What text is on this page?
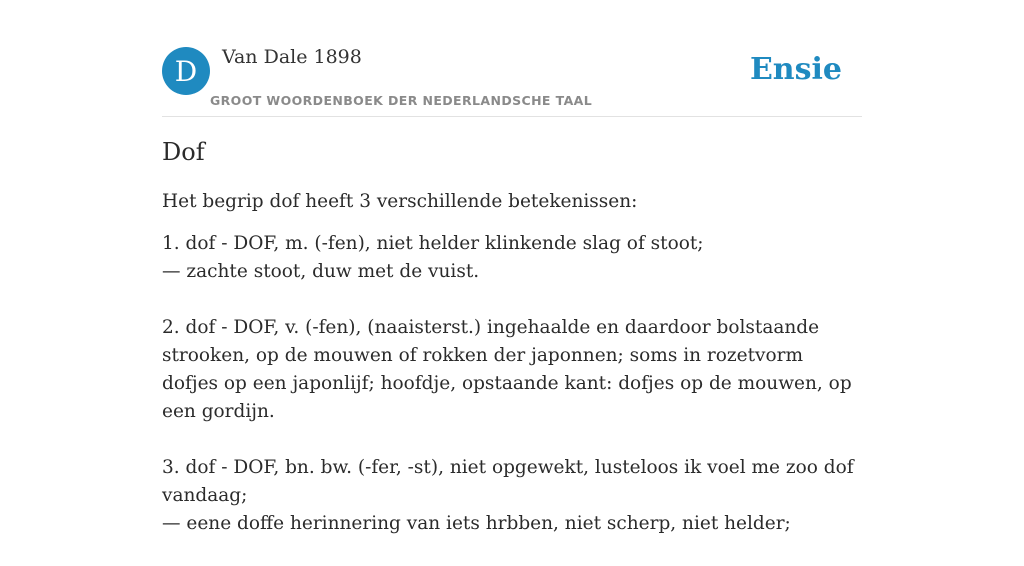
D Van Dale 1898
GROOT WOORDENBOEK DER NEDERLANDSCHE TAAL
Ensie
Dof

Het begrip dof heeft 3 verschillende betekenissen:

1. dof - DOF, m. (-fen), niet helder klinkende slag of stoot;
— zachte stoot, duw met de vuist.
2. dof - DOF, v. (-fen), (naaisterst.) ingehaalde en daardoor bolstaande strooken, op de mouwen of rokken der japonnen; soms in rozetvorm dofjes op een japonlijf; hoofdje, opstaande kant: dofjes op de mouwen, op een gordijn.
3. dof - DOF, bn. bw. (-fer, -st), niet opgewekt, lusteloos ik voel me zoo dof vandaag;
— eene doffe herinnering van iets hrbben, niet scherp, niet helder;
